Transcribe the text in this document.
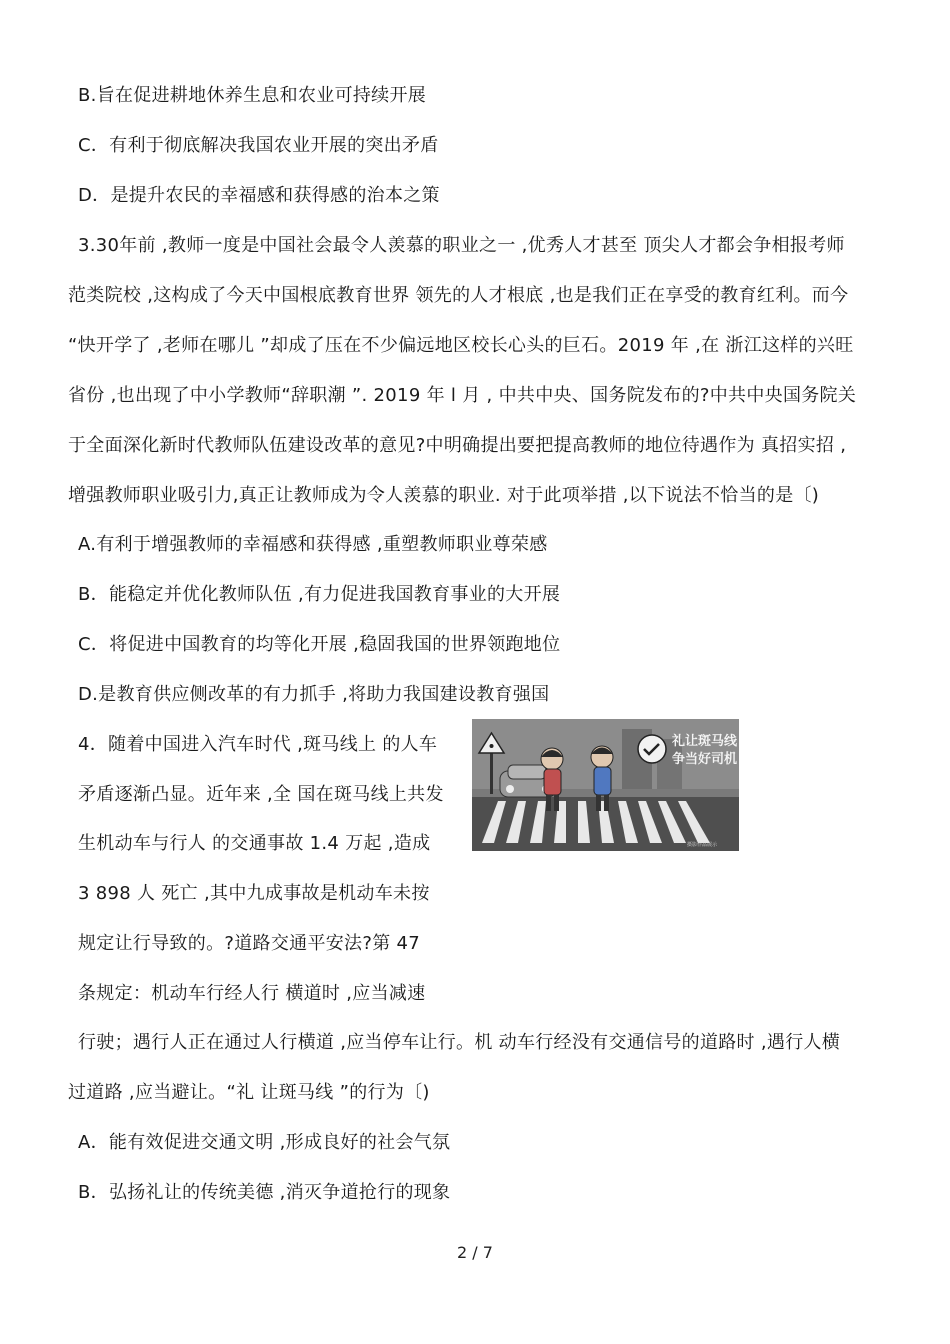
B.旨在促进耕地休养生息和农业可持续开展
C．有利于彻底解决我国农业开展的突出矛盾
D．是提升农民的幸福感和获得感的治本之策
3.30年前 ,教师一度是中国社会最令人羡慕的职业之一 ,优秀人才甚至 顶尖人才都会争相报考师
范类院校 ,这构成了今天中国根底教育世界 领先的人才根底 ,也是我们正在享受的教育红利。而今
“快开学了 ,老师在哪儿 ”却成了压在不少偏远地区校长心头的巨石。2019 年 ,在 浙江这样的兴旺
省份 ,也出现了中小学教师“辞职潮 ”. 2019 年 l 月 , 中共中央、国务院发布的?中共中央国务院关
于全面深化新时代教师队伍建设改革的意见?中明确提出要把提高教师的地位待遇作为 真招实招 ,
增强教师职业吸引力,真正让教师成为令人羡慕的职业. 对于此项举措 ,以下说法不恰当的是〔)
A.有利于增强教师的幸福感和获得感 ,重塑教师职业尊荣感
B．能稳定并优化教师队伍 ,有力促进我国教育事业的大开展
C．将促进中国教育的均等化开展 ,稳固我国的世界领跑地位
D.是教育供应侧改革的有力抓手 ,将助力我国建设教育强国
4．随着中国进入汽车时代 ,斑马线上 的人车
矛盾逐渐凸显。近年来 ,全 国在斑马线上共发
生机动车与行人 的交通事故 1.4 万起 ,造成
3 898 人 死亡 ,其中九成事故是机动车未按
规定让行导致的。?道路交通平安法?第 47
条规定：机动车行经人行 横道时 ,应当减速
礼让斑马线
争当好司机
摄影作品展示
行驶；遇行人正在通过人行横道 ,应当停车让行。机 动车行经没有交通信号的道路时 ,遇行人横
过道路 ,应当避让。“礼 让斑马线 ”的行为〔)
A．能有效促进交通文明 ,形成良好的社会气氛
B．弘扬礼让的传统美德 ,消灭争道抢行的现象
2 / 7
